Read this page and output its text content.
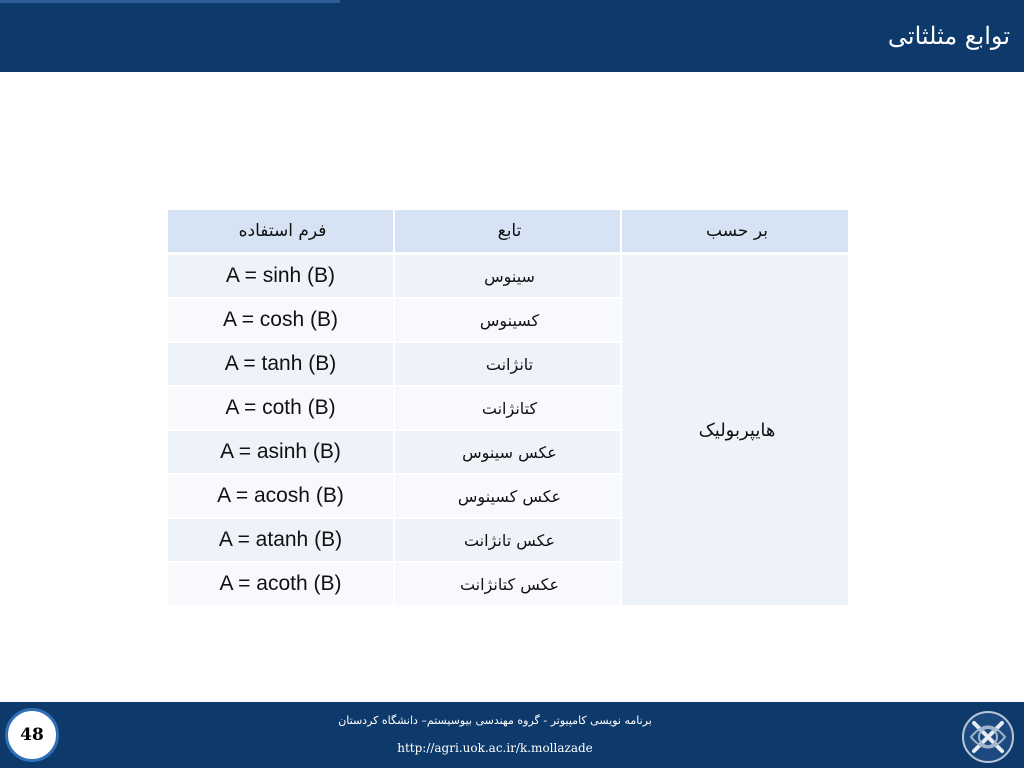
توابع مثلثاتی
فرم استفاده	تابع	بر حسب
A = sinh (B)	سینوس	هایپربولیک
A = cosh (B)	کسینوس	
A = tanh (B)	تانژانت	
A = coth (B)	کتانژانت	
A = asinh (B)	عکس سینوس	
A = acosh (B)	عکس کسینوس	
A = atanh (B)	عکس تانژانت	
A = acoth (B)	عکس کتانژانت	
48
برنامه نویسی کامپیوتر - گروه مهندسی بیوسیستم– دانشگاه کردستان
http://agri.uok.ac.ir/k.mollazade
